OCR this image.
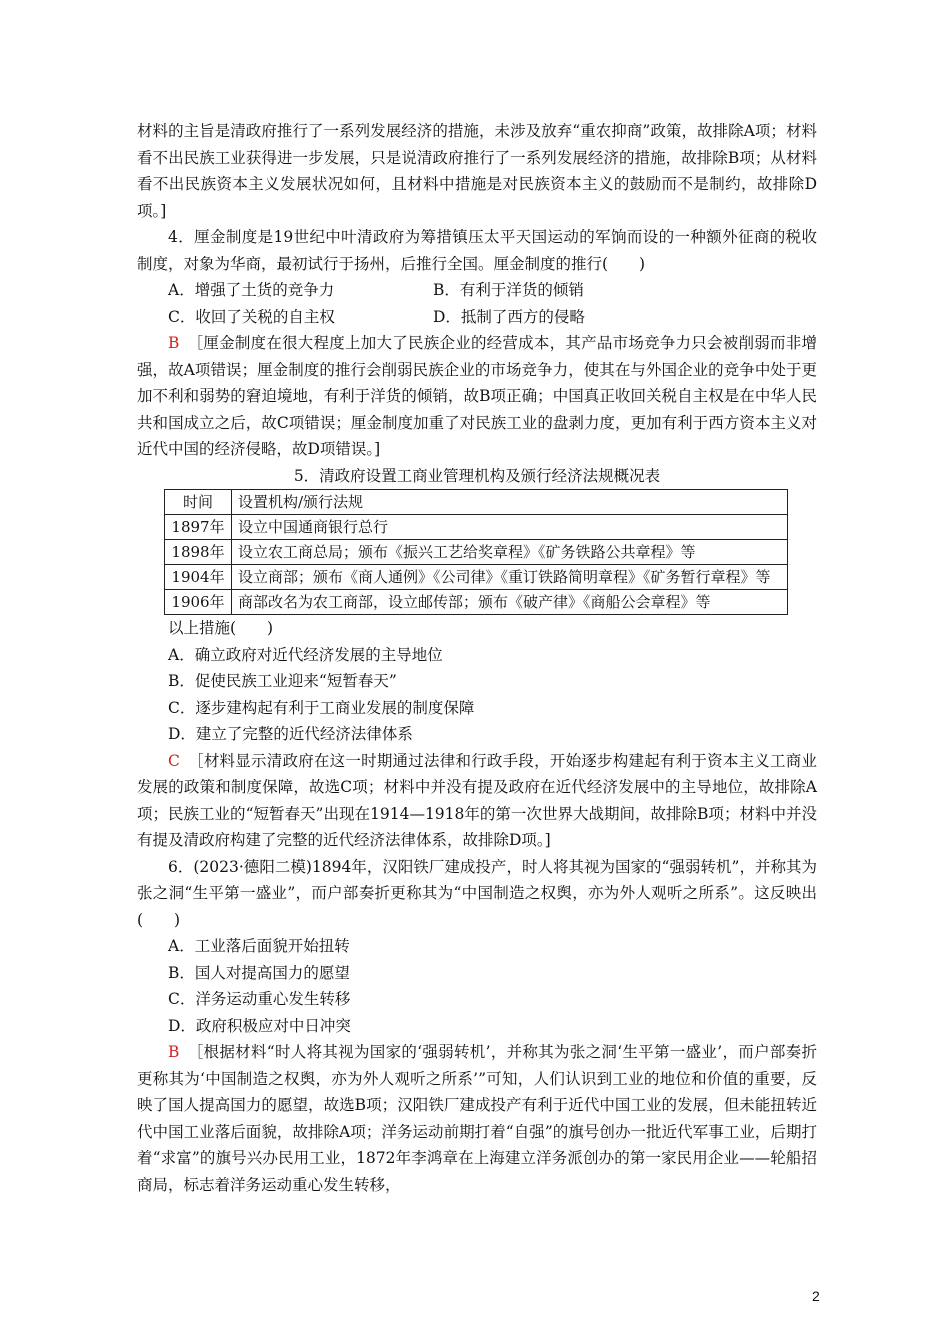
材料的主旨是清政府推行了一系列发展经济的措施，未涉及放弃“重农抑商”政策，故排除A项；材料看不出民族工业获得进一步发展，只是说清政府推行了一系列发展经济的措施，故排除B项；从材料看不出民族资本主义发展状况如何，且材料中措施是对民族资本主义的鼓励而不是制约，故排除D项。]

4．厘金制度是19世纪中叶清政府为筹措镇压太平天国运动的军饷而设的一种额外征商的税收制度，对象为华商，最初试行于扬州，后推行全国。厘金制度的推行(　　)

A．增强了土货的竞争力	B．有利于洋货的倾销
C．收回了关税的自主权	D．抵制了西方的侵略

B　 ［厘金制度在很大程度上加大了民族企业的经营成本，其产品市场竞争力只会被削弱而非增强，故A项错误；厘金制度的推行会削弱民族企业的市场竞争力，使其在与外国企业的竞争中处于更加不利和弱势的窘迫境地，有利于洋货的倾销，故B项正确；中国真正收回关税自主权是在中华人民共和国成立之后，故C项错误；厘金制度加重了对民族工业的盘剥力度，更加有利于西方资本主义对近代中国的经济侵略，故D项错误。]

5．清政府设置工商业管理机构及颁行经济法规概况表

时间	设置机构/颁行法规
1897年	设立中国通商银行总行
1898年	设立农工商总局；颁布《振兴工艺给奖章程》《矿务铁路公共章程》等
1904年	设立商部；颁布《商人通例》《公司律》《重订铁路简明章程》《矿务暂行章程》等
1906年	商部改名为农工商部，设立邮传部；颁布《破产律》《商船公会章程》等

以上措施(　　)

A．确立政府对近代经济发展的主导地位

B．促使民族工业迎来“短暂春天”

C．逐步建构起有利于工商业发展的制度保障

D．建立了完整的近代经济法律体系

C　 ［材料显示清政府在这一时期通过法律和行政手段，开始逐步构建起有利于资本主义工商业发展的政策和制度保障，故选C项；材料中并没有提及政府在近代经济发展中的主导地位，故排除A项；民族工业的“短暂春天”出现在1914—1918年的第一次世界大战期间，故排除B项；材料中并没有提及清政府构建了完整的近代经济法律体系，故排除D项。]

6．(2023·德阳二模)1894年，汉阳铁厂建成投产，时人将其视为国家的“强弱转机”，并称其为张之洞“生平第一盛业”，而户部奏折更称其为“中国制造之权舆，亦为外人观听之所系”。这反映出(　　)

A．工业落后面貌开始扭转

B．国人对提高国力的愿望

C．洋务运动重心发生转移

D．政府积极应对中日冲突

B　 ［根据材料“时人将其视为国家的‘强弱转机’，并称其为张之洞‘生平第一盛业’，而户部奏折更称其为‘中国制造之权舆，亦为外人观听之所系’”可知，人们认识到工业的地位和价值的重要，反映了国人提高国力的愿望，故选B项；汉阳铁厂建成投产有利于近代中国工业的发展，但未能扭转近代中国工业落后面貌，故排除A项；洋务运动前期打着“自强”的旗号创办一批近代军事工业，后期打着“求富”的旗号兴办民用工业，1872年李鸿章在上海建立洋务派创办的第一家民用企业——轮船招商局，标志着洋务运动重心发生转移，

2
